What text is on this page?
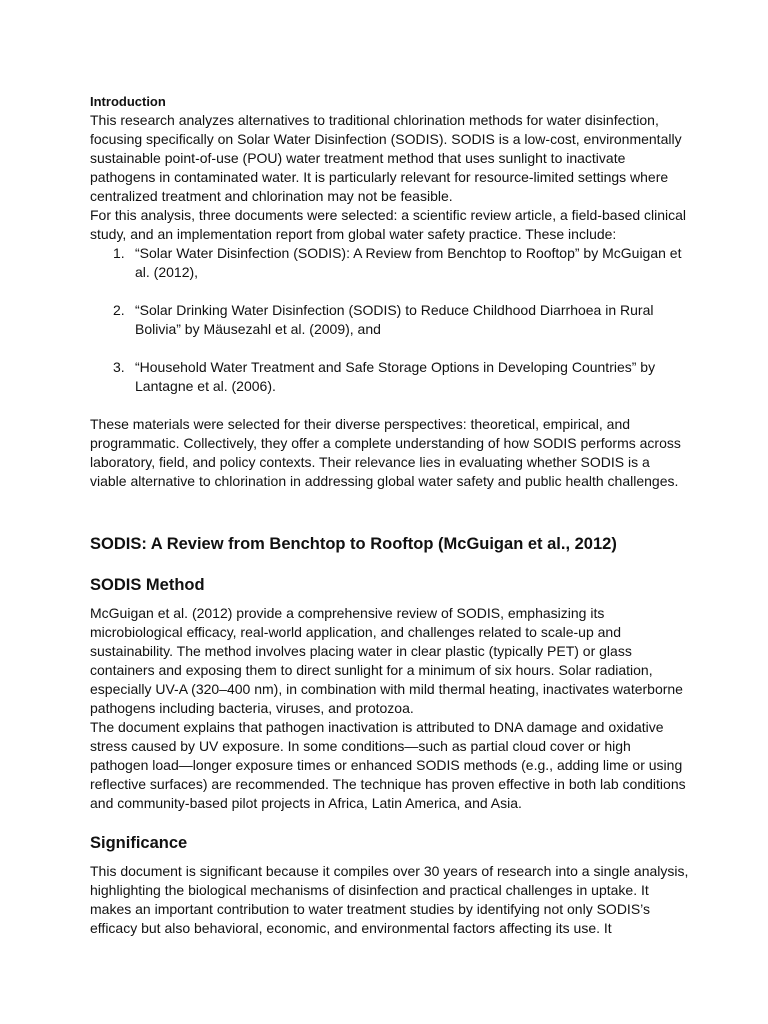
Introduction

This research analyzes alternatives to traditional chlorination methods for water disinfection, focusing specifically on Solar Water Disinfection (SODIS). SODIS is a low-cost, environmentally sustainable point-of-use (POU) water treatment method that uses sunlight to inactivate pathogens in contaminated water. It is particularly relevant for resource-limited settings where centralized treatment and chlorination may not be feasible.

For this analysis, three documents were selected: a scientific review article, a field-based clinical study, and an implementation report from global water safety practice. These include:

1. “Solar Water Disinfection (SODIS): A Review from Benchtop to Rooftop” by McGuigan et al. (2012),
2. “Solar Drinking Water Disinfection (SODIS) to Reduce Childhood Diarrhoea in Rural Bolivia” by Mäusezahl et al. (2009), and
3. “Household Water Treatment and Safe Storage Options in Developing Countries” by Lantagne et al. (2006).

These materials were selected for their diverse perspectives: theoretical, empirical, and programmatic. Collectively, they offer a complete understanding of how SODIS performs across laboratory, field, and policy contexts. Their relevance lies in evaluating whether SODIS is a viable alternative to chlorination in addressing global water safety and public health challenges.

SODIS: A Review from Benchtop to Rooftop (McGuigan et al., 2012)
SODIS Method

McGuigan et al. (2012) provide a comprehensive review of SODIS, emphasizing its microbiological efficacy, real-world application, and challenges related to scale-up and sustainability. The method involves placing water in clear plastic (typically PET) or glass containers and exposing them to direct sunlight for a minimum of six hours. Solar radiation, especially UV-A (320–400 nm), in combination with mild thermal heating, inactivates waterborne pathogens including bacteria, viruses, and protozoa.

The document explains that pathogen inactivation is attributed to DNA damage and oxidative stress caused by UV exposure. In some conditions—such as partial cloud cover or high pathogen load—longer exposure times or enhanced SODIS methods (e.g., adding lime or using reflective surfaces) are recommended. The technique has proven effective in both lab conditions and community-based pilot projects in Africa, Latin America, and Asia.

Significance

This document is significant because it compiles over 30 years of research into a single analysis, highlighting the biological mechanisms of disinfection and practical challenges in uptake. It makes an important contribution to water treatment studies by identifying not only SODIS’s efficacy but also behavioral, economic, and environmental factors affecting its use. It
